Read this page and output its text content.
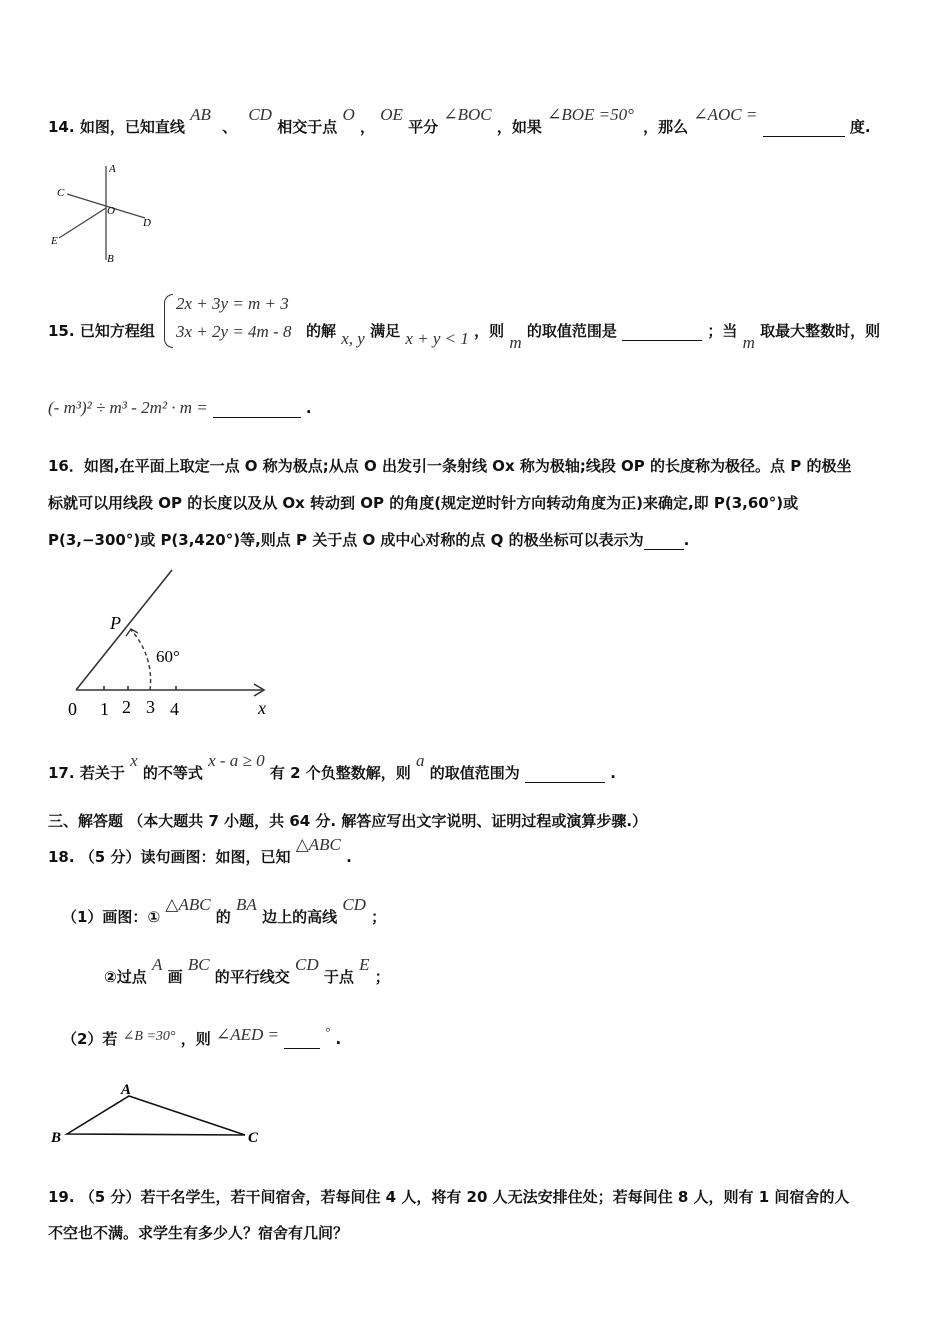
14. 如图，已知直线 AB 、 CD 相交于点 O ， OE 平分 ∠BOC ，如果 ∠BOE =50° ，那么 ∠AOC =   度.
A
C
O
D
E
B
2x + 3y = m + 3
3x + 2y = 4m - 8
15. 已知方程组	的解 x, y 满足 x + y < 1 ，则 m 的取值范围是	；当 m 取最大整数时，则
(- m³)² ÷ m³ - 2m² · m =	.
16．如图,在平面上取定一点 O 称为极点;从点 O 出发引一条射线 Ox 称为极轴;线段 OP 的长度称为极径。点 P 的极坐
标就可以用线段 OP 的长度以及从 Ox 转动到 OP 的角度(规定逆时针方向转动角度为正)来确定,即 P(3,60°)或
P(3,−300°)或 P(3,420°)等,则点 P 关于点 O 成中心对称的点 Q 的极坐标可以表示为	.
P
60°
0 1 2 3 4	x
17. 若关于 x 的不等式 x - a ≥ 0 有 2 个负整数解，则 a 的取值范围为	.
三、解答题 （本大题共 7 小题，共 64 分. 解答应写出文字说明、证明过程或演算步骤.）
18. （5 分）读句画图：如图，已知 △ABC .
（1）画图：① △ABC 的 BA 边上的高线 CD ；
②过点 A 画 BC 的平行线交 CD 于点 E ；
（2）若 ∠B =30° ，则 ∠AED =	° .
A
B	C
19. （5 分）若干名学生，若干间宿舍，若每间住 4 人，将有 20 人无法安排住处；若每间住 8 人，则有 1 间宿舍的人
不空也不满。求学生有多少人？宿舍有几间？
